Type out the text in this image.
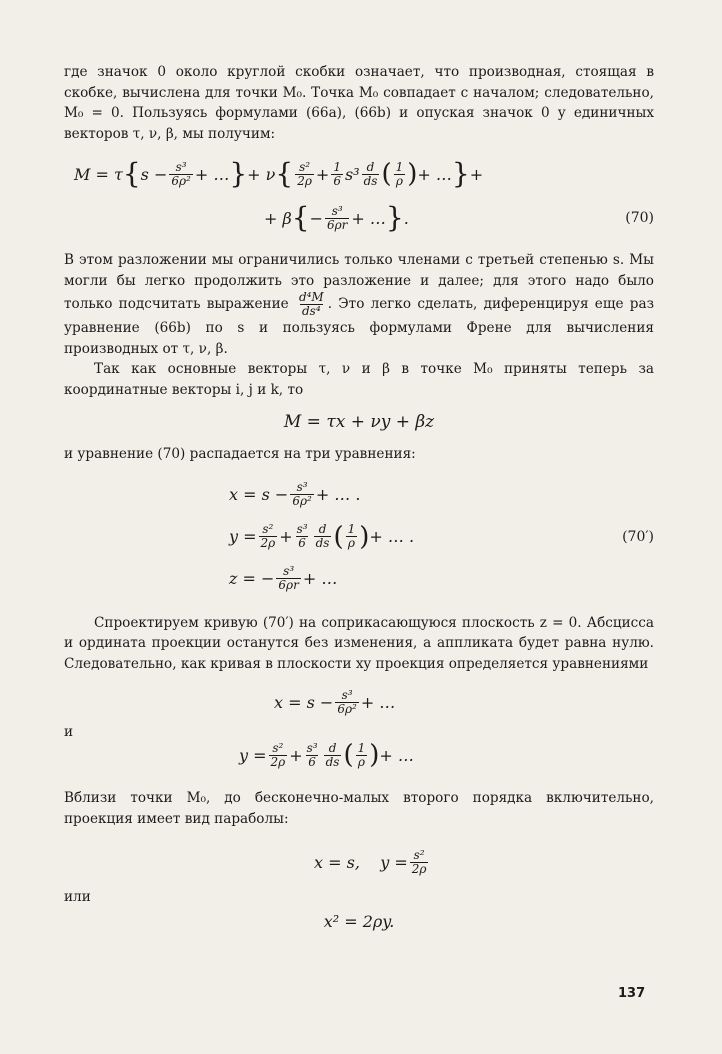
где значок 0 около круглой скобки означает, что производная, стоящая в скобке, вычислена для точки M₀. Точка M₀ совпадает с началом; следовательно, M₀ = 0. Пользуясь формулами (66a), (66b) и опуская значок 0 у единичных векторов τ, ν, β, мы получим:

M = τ { $s - \frac{\text{s³}}{\text{6ρ²}}$ + … } + ν { $\frac{\text{s²}}{2\rho} + \frac{1}{6} s^3 \frac{d}{ds}$ ( $\frac{1}{\rho}$ ) + … } +
+ β { − $\frac{\text{s³}}{6\rho r}$ + … } .	(70)

В этом разложении мы ограничились только членами с третьей степенью s. Мы могли бы легко продолжить это разложение и далее; для этого надо было только подсчитать выражение $\frac{\text{d⁴M}}{\text{ds⁴}}$ . Это легко сделать, диференцируя еще раз уравнение (66b) по s и пользуясь формулами Френе для вычисления производных от τ, ν, β.

Так как основные векторы τ, ν и β в точке M₀ приняты теперь за координатные векторы i, j и k, то

M = τx + νy + βz

и уравнение (70) распадается на три уравнения:

$x = s - \frac{\text{s³}}{\text{6ρ²}}$ + … .
$y = \frac{\text{s²}}{2\rho} + \frac{\text{s³}}{6} \frac{d}{ds}$ ( $\frac{1}{\rho}$ ) + … .	(70′)
z = − $\frac{\text{s³}}{6\rho r}$ + …

Спроектируем кривую (70′) на соприкасающуюся плоскость z = 0. Абсцисса и ордината проекции останутся без изменения, а аппликата будет равна нулю. Следовательно, как кривая в плоскости xy проекция определяется уравнениями

$x = s - \frac{\text{s³}}{\text{6ρ²}}$ + …

и

$y = \frac{\text{s²}}{2\rho} + \frac{\text{s³}}{6} \frac{d}{ds}$ ( $\frac{1}{\rho}$ ) + …

Вблизи точки M₀, до бесконечно-малых второго порядка включительно, проекция имеет вид параболы:

x = s,    $y = \frac{\text{s²}}{2\rho}$

или

x² = 2ρy.
137
